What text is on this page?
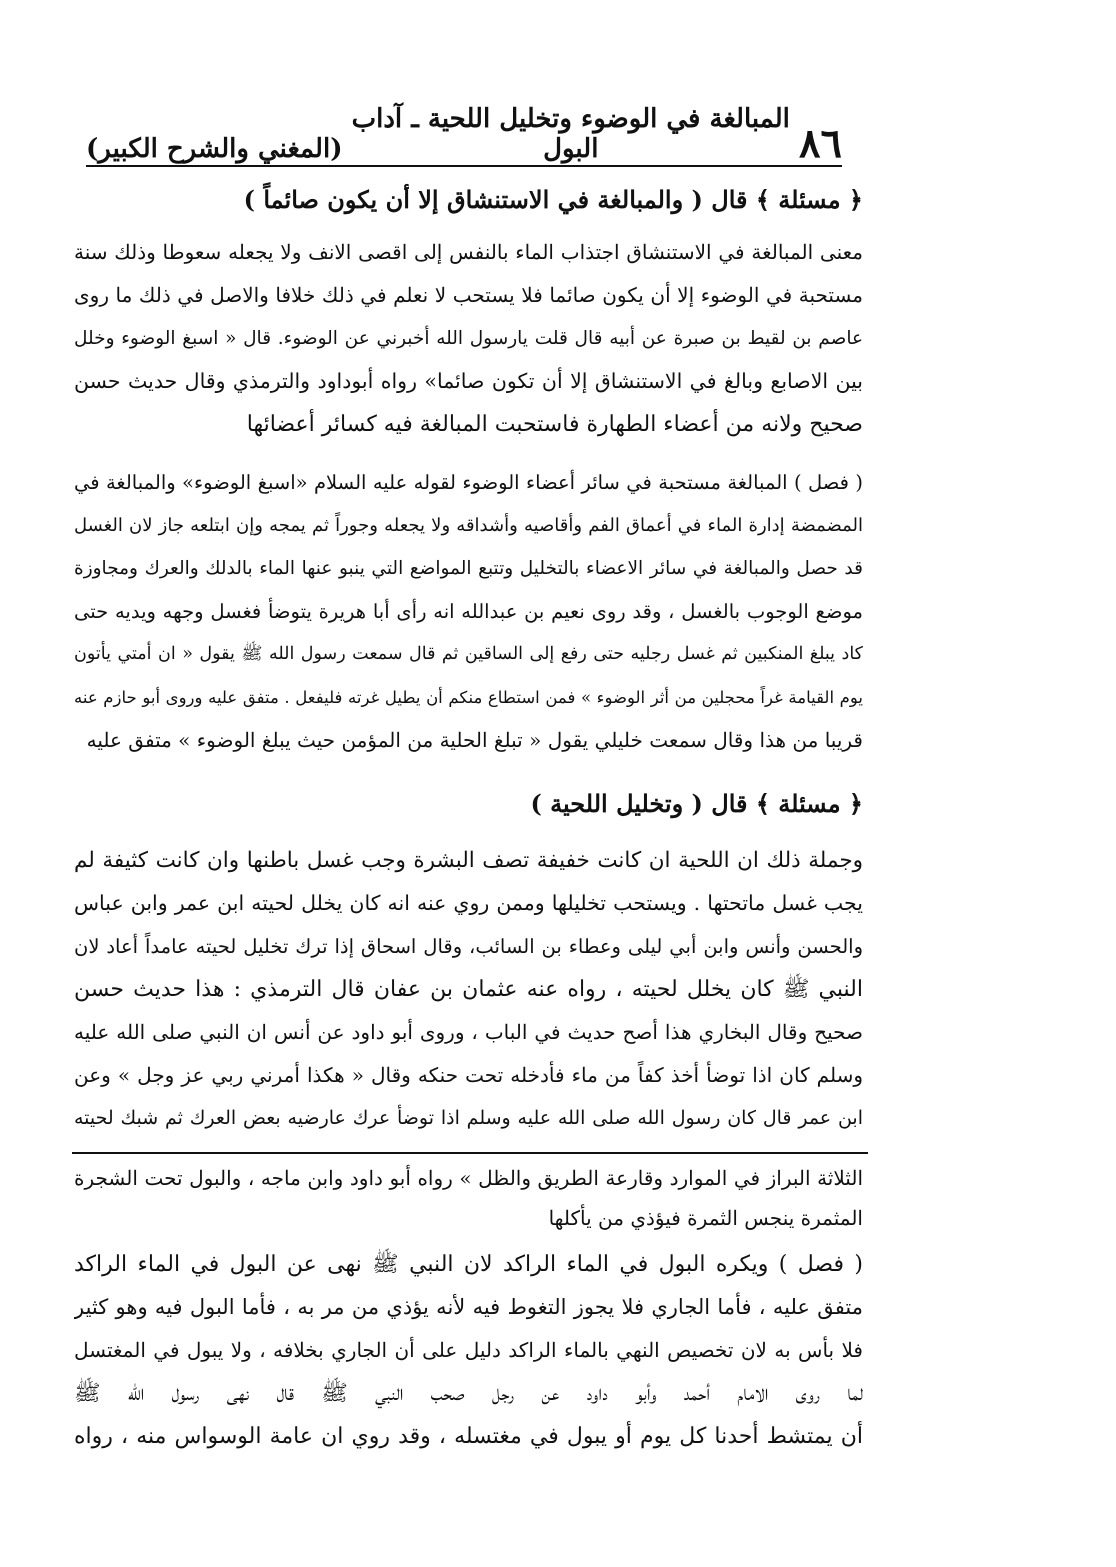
٨٦
المبالغة في الوضوء وتخليل اللحية ـ آداب البول
(المغني والشرح الكبير)
﴿ مسئلة ﴾ قال ( والمبالغة في الاستنشاق إلا أن يكون صائماً )
معنى المبالغة في الاستنشاق اجتذاب الماء بالنفس إلى اقصى الانف ولا يجعله سعوطا وذلك سنة
مستحبة في الوضوء إلا أن يكون صائما فلا يستحب لا نعلم في ذلك خلافا والاصل في ذلك ما روى
عاصم بن لقيط بن صبرة عن أبيه قال قلت يارسول الله أخبرني عن الوضوء. قال « اسبغ الوضوء وخلل
بين الاصابع وبالغ في الاستنشاق إلا أن تكون صائما» رواه أبوداود والترمذي وقال حديث حسن
صحيح ولانه من أعضاء الطهارة فاستحبت المبالغة فيه كسائر أعضائها
( فصل ) المبالغة مستحبة في سائر أعضاء الوضوء لقوله عليه السلام «اسبغ الوضوء» والمبالغة في
المضمضة إدارة الماء في أعماق الفم وأقاصيه وأشداقه ولا يجعله وجوراً ثم يمجه وإن ابتلعه جاز لان الغسل
قد حصل والمبالغة في سائر الاعضاء بالتخليل وتتبع المواضع التي ينبو عنها الماء بالدلك والعرك ومجاوزة
موضع الوجوب بالغسل ، وقد روى نعيم بن عبدالله انه رأى أبا هريرة يتوضأ فغسل وجهه ويديه حتى
كاد يبلغ المنكبين ثم غسل رجليه حتى رفع إلى الساقين ثم قال سمعت رسول الله ﷺ يقول « ان أمتي يأتون
يوم القيامة غراً محجلين من أثر الوضوء » فمن استطاع منكم أن يطيل غرته فليفعل . متفق عليه وروى أبو حازم عنه
قريبا من هذا وقال سمعت خليلي يقول « تبلغ الحلية من المؤمن حيث يبلغ الوضوء » متفق عليه
﴿ مسئلة ﴾ قال ( وتخليل اللحية )
وجملة ذلك ان اللحية ان كانت خفيفة تصف البشرة وجب غسل باطنها وان كانت كثيفة لم
يجب غسل ماتحتها . ويستحب تخليلها وممن روي عنه انه كان يخلل لحيته ابن عمر وابن عباس
والحسن وأنس وابن أبي ليلى وعطاء بن السائب، وقال اسحاق إذا ترك تخليل لحيته عامداً أعاد لان
النبي ﷺ كان يخلل لحيته ، رواه عنه عثمان بن عفان قال الترمذي : هذا حديث حسن
صحيح وقال البخاري هذا أصح حديث في الباب ، وروى أبو داود عن أنس ان النبي صلى الله عليه
وسلم كان اذا توضأ أخذ كفاً من ماء فأدخله تحت حنكه وقال « هكذا أمرني ربي عز وجل » وعن
ابن عمر قال كان رسول الله صلى الله عليه وسلم اذا توضأ عرك عارضيه بعض العرك ثم شبك لحيته
الثلاثة البراز في الموارد وقارعة الطريق والظل » رواه أبو داود وابن ماجه ، والبول تحت الشجرة
المثمرة ينجس الثمرة فيؤذي من يأكلها
( فصل ) ويكره البول في الماء الراكد لان النبي ﷺ نهى عن البول في الماء الراكد
متفق عليه ، فأما الجاري فلا يجوز التغوط فيه لأنه يؤذي من مر به ، فأما البول فيه وهو كثير
فلا بأس به لان تخصيص النهي بالماء الراكد دليل على أن الجاري بخلافه ، ولا يبول في المغتسل
لما روى الامام أحمد وأبو داود عن رجل صحب النبي ﷺ قال نهى رسول الله ﷺ
أن يمتشط أحدنا كل يوم أو يبول في مغتسله ، وقد روي ان عامة الوسواس منه ، رواه
